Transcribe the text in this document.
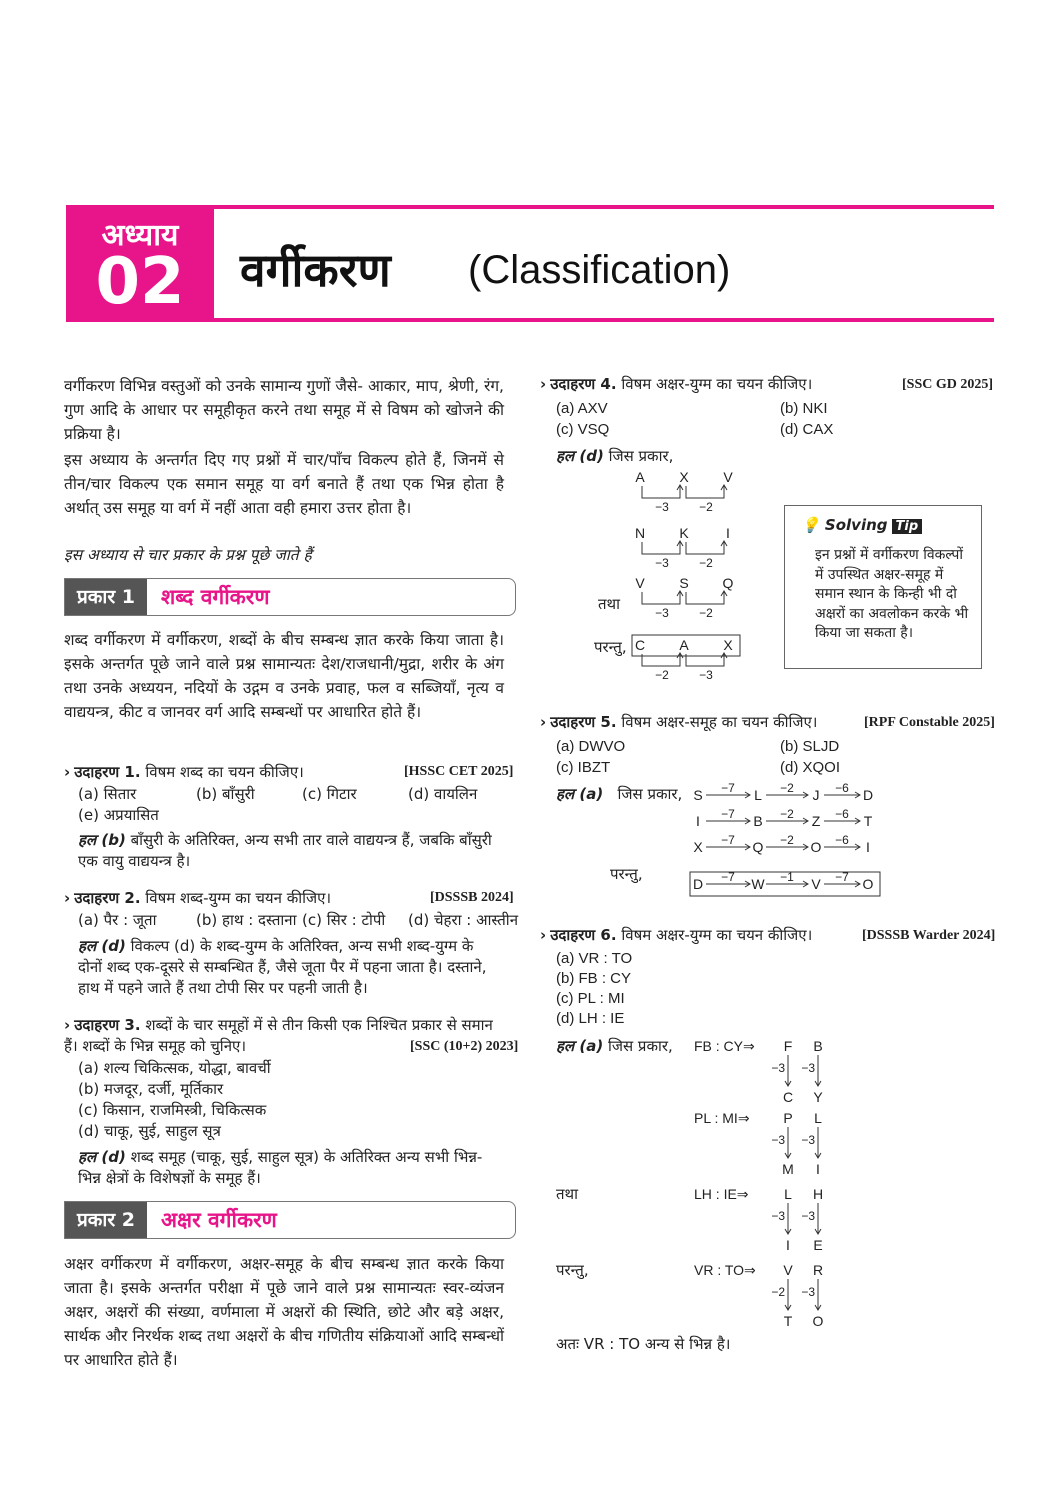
अध्याय
02	वर्गीकरण (Classification)

वर्गीकरण विभिन्न वस्तुओं को उनके सामान्य गुणों जैसे- आकार, माप, श्रेणी, रंग, गुण आदि के आधार पर समूहीकृत करने तथा समूह में से विषम को खोजने की प्रक्रिया है।

इस अध्याय के अन्तर्गत दिए गए प्रश्नों में चार/पाँच विकल्प होते हैं, जिनमें से तीन/चार विकल्प एक समान समूह या वर्ग बनाते हैं तथा एक भिन्न होता है अर्थात् उस समूह या वर्ग में नहीं आता वही हमारा उत्तर होता है।

इस अध्याय से चार प्रकार के प्रश्न पूछे जाते हैं

प्रकार 1	शब्द वर्गीकरण

शब्द वर्गीकरण में वर्गीकरण, शब्दों के बीच सम्बन्ध ज्ञात करके किया जाता है। इसके अन्तर्गत पूछे जाने वाले प्रश्न सामान्यतः देश/राजधानी/मुद्रा, शरीर के अंग तथा उनके अध्ययन, नदियों के उद्गम व उनके प्रवाह, फल व सब्जियाँ, नृत्य व वाद्ययन्त्र, कीट व जानवर वर्ग आदि सम्बन्धों पर आधारित होते हैं।

› उदाहरण 1. विषम शब्द का चयन कीजिए।	[HSSC CET 2025]
(a) सितार	(b) बाँसुरी	(c) गिटार	(d) वायलिन
(e) अप्रयासित
हल (b) बाँसुरी के अतिरिक्त, अन्य सभी तार वाले वाद्ययन्त्र हैं, जबकि बाँसुरी एक वायु वाद्ययन्त्र है।
› उदाहरण 2. विषम शब्द-युग्म का चयन कीजिए।	[DSSSB 2024]
(a) पैर : जूता	(b) हाथ : दस्ताना (c) सिर : टोपी (d) चेहरा : आस्तीन
हल (d) विकल्प (d) के शब्द-युग्म के अतिरिक्त, अन्य सभी शब्द-युग्म के दोनों शब्द एक-दूसरे से सम्बन्धित हैं, जैसे जूता पैर में पहना जाता है। दस्ताने, हाथ में पहने जाते हैं तथा टोपी सिर पर पहनी जाती है।
› उदाहरण 3. शब्दों के चार समूहों में से तीन किसी एक निश्चित प्रकार से समान हैं। शब्दों के भिन्न समूह को चुनिए।	[SSC (10+2) 2023]
(a) शल्य चिकित्सक, योद्धा, बावर्ची
(b) मजदूर, दर्जी, मूर्तिकार
(c) किसान, राजमिस्त्री, चिकित्सक
(d) चाकू, सुई, साहुल सूत्र
हल (d) शब्द समूह (चाकू, सुई, साहुल सूत्र) के अतिरिक्त अन्य सभी भिन्न-भिन्न क्षेत्रों के विशेषज्ञों के समूह हैं।
प्रकार 2	अक्षर वर्गीकरण

अक्षर वर्गीकरण में वर्गीकरण, अक्षर-समूह के बीच सम्बन्ध ज्ञात करके किया जाता है। इसके अन्तर्गत परीक्षा में पूछे जाने वाले प्रश्न सामान्यतः स्वर-व्यंजन अक्षर, अक्षरों की संख्या, वर्णमाला में अक्षरों की स्थिति, छोटे और बड़े अक्षर, सार्थक और निरर्थक शब्द तथा अक्षरों के बीच गणितीय संक्रियाओं आदि सम्बन्धों पर आधारित होते हैं।

› उदाहरण 4. विषम अक्षर-युग्म का चयन कीजिए।	[SSC GD 2025]
(a) AXV	(b) NKI
(c) VSQ	(d) CAX
हल (d) जिस प्रकार,
तथा
परन्तु,
A X V
−3	−2
N K	I
−3	−2
V S Q
−3	−2
C A X
−2	−3
💡 Solving Tip
इन प्रश्नों में वर्गीकरण विकल्पों में उपस्थित अक्षर-समूह में समान स्थान के किन्ही भी दो अक्षरों का अवलोकन करके भी किया जा सकता है।
› उदाहरण 5. विषम अक्षर-समूह का चयन कीजिए।	[RPF Constable 2025]
(a) DWVO	(b) SLJD
(c) IBZT	(d) XQOI
हल (a) जिस प्रकार,
परन्तु,
S	L	J	D
−7	−2	−6
I	B	Z	T
−7	−2	−6
X	Q	O	I
−7	−2	−6
D	W	V	O
−7	−1	−7
› उदाहरण 6. विषम अक्षर-युग्म का चयन कीजिए।	[DSSSB Warder 2024]
(a) VR : TO
(b) FB : CY
(c) PL : MI
(d) LH : IE
हल (a) जिस प्रकार,
तथा
परन्तु,
FB : CY⇒ F
−3
C
B
−3
Y
PL : MI⇒ P
−3
M
L
−3
I
LH : IE⇒	L
−3
I
H
−3
E
VR : TO⇒ V
−2
T
R
−3
O
अतः VR : TO अन्य से भिन्न है।
